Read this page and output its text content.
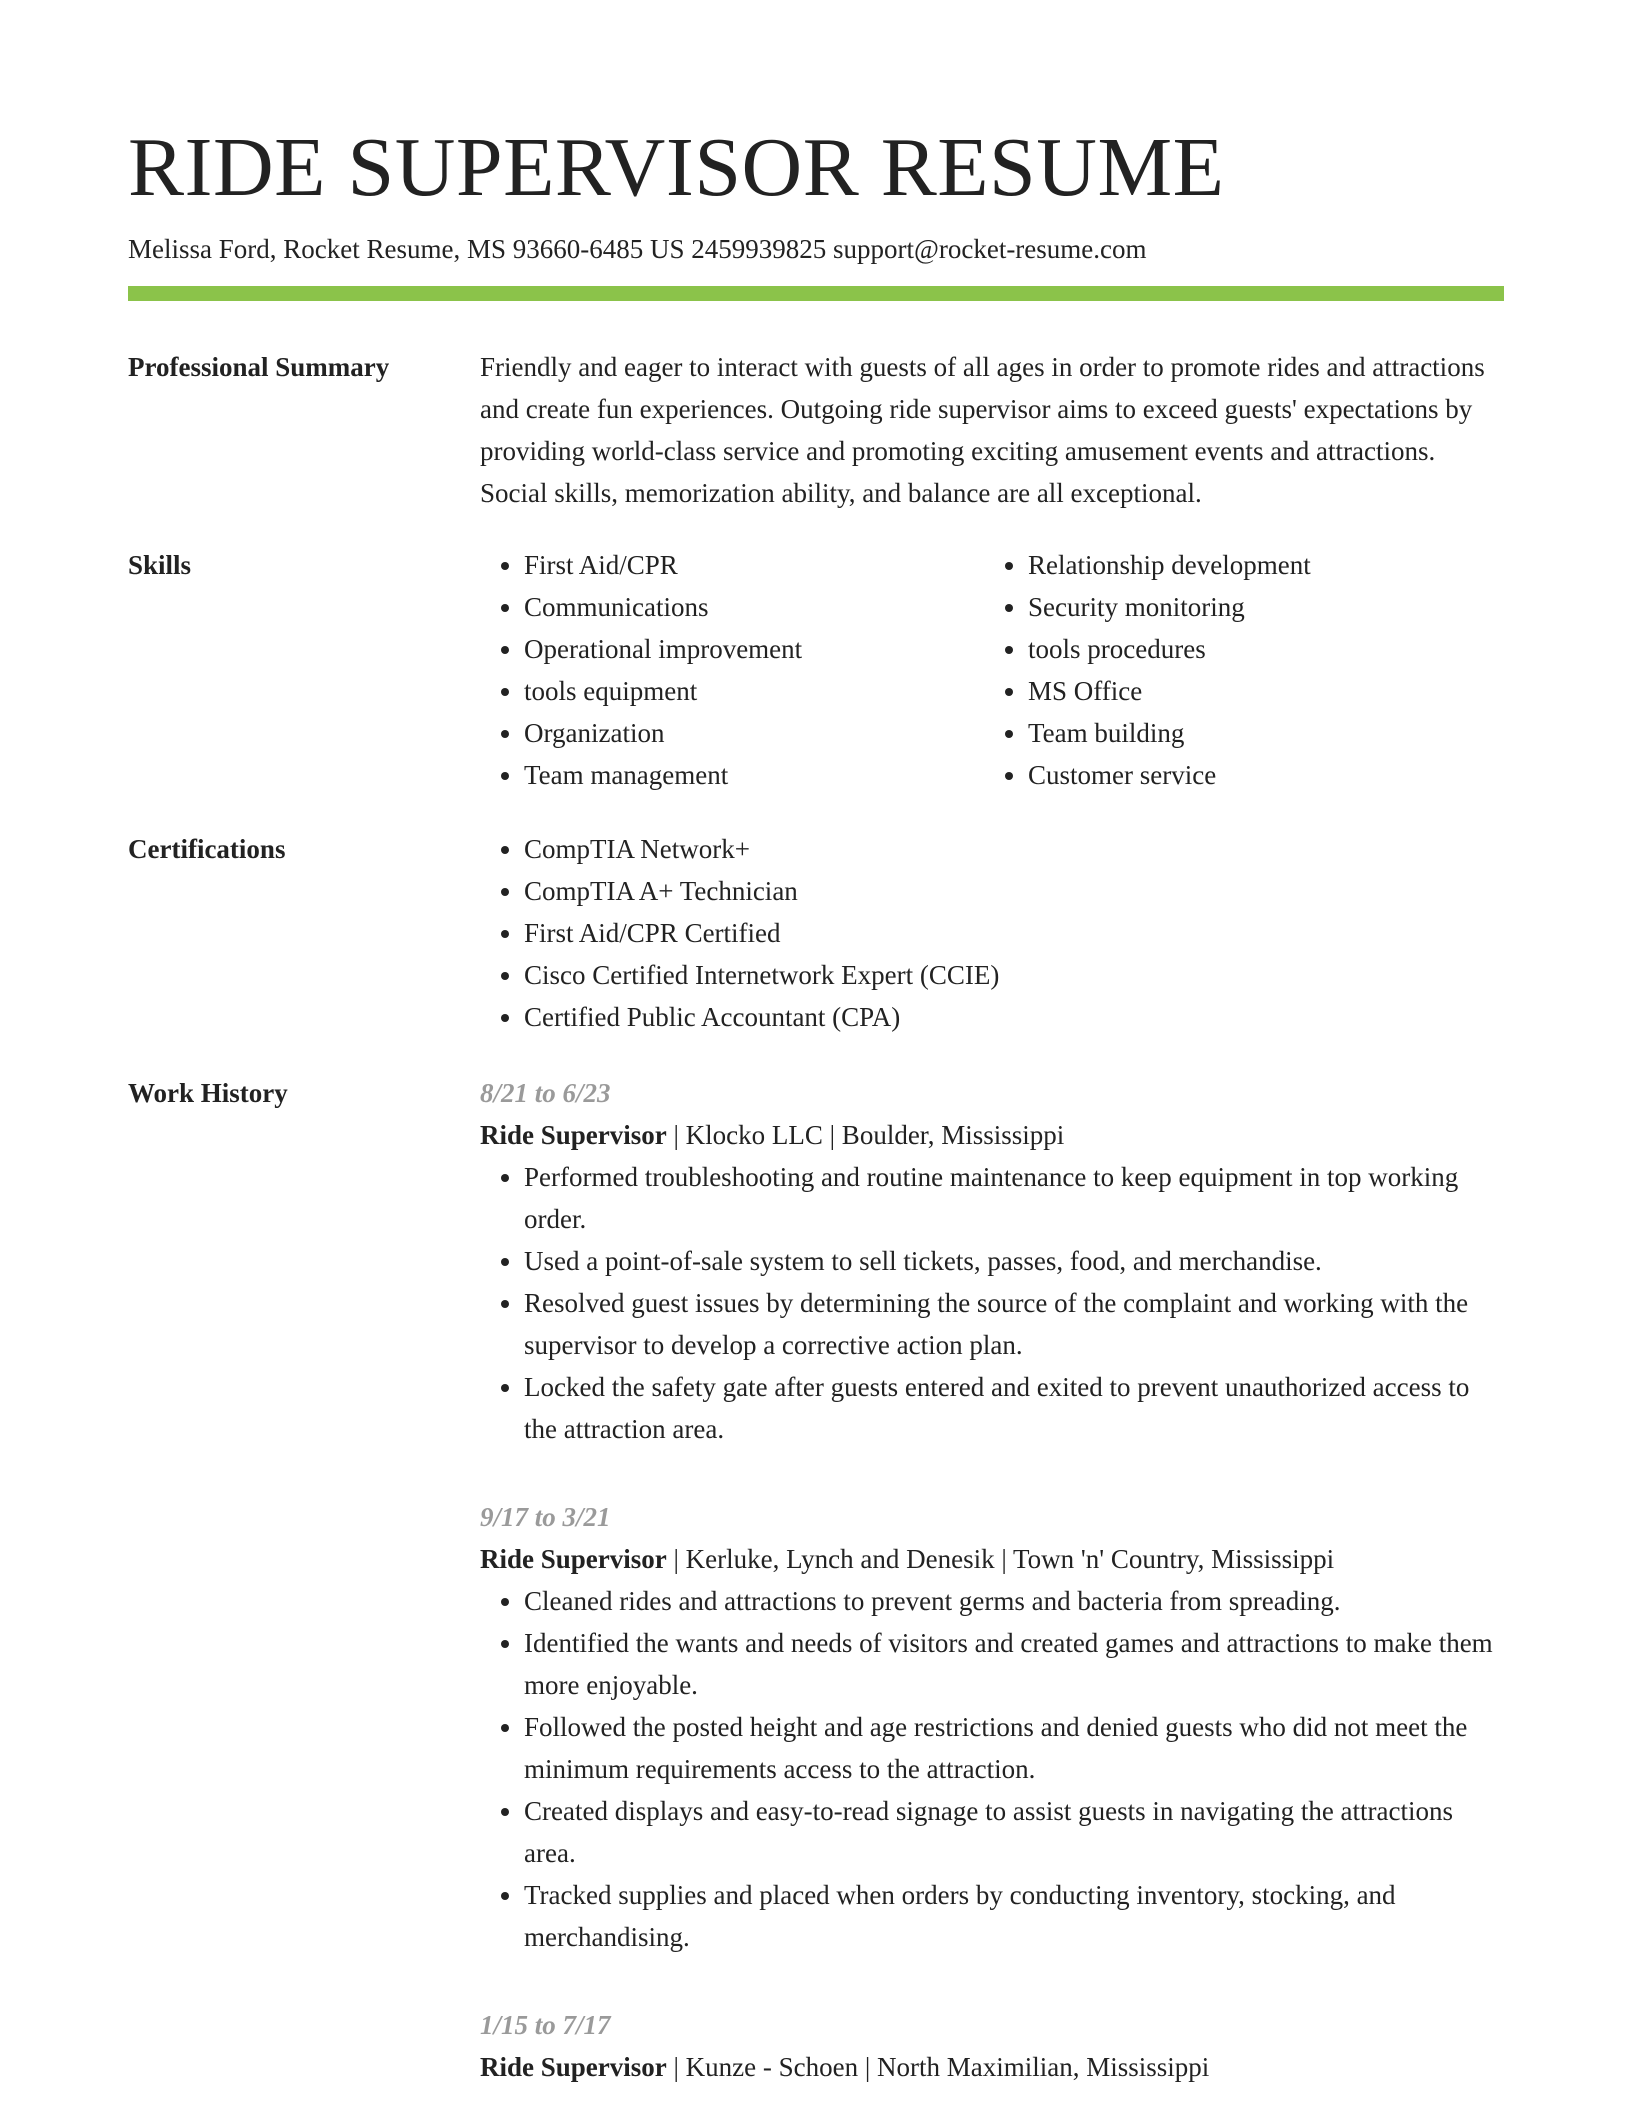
RIDE SUPERVISOR RESUME
Melissa Ford, Rocket Resume, MS 93660-6485 US 2459939825 support@rocket-resume.com
Professional Summary	Friendly and eager to interact with guests of all ages in order to promote rides and attractions and create fun experiences. Outgoing ride supervisor aims to exceed guests' expectations by providing world-class service and promoting exciting amusement events and attractions. Social skills, memorization ability, and balance are all exceptional.

Skills	• First Aid/CPR
• Communications
• Operational improvement
• tools equipment
• Organization
• Team management
• Relationship development
• Security monitoring
• tools procedures
• MS Office
• Team building
• Customer service
Certifications	• CompTIA Network+
• CompTIA A+ Technician
• First Aid/CPR Certified
• Cisco Certified Internetwork Expert (CCIE)
• Certified Public Accountant (CPA)
Work History	8/21 to 6/23
Ride Supervisor | Klocko LLC | Boulder, Mississippi
• Performed troubleshooting and routine maintenance to keep equipment in top working order.
• Used a point-of-sale system to sell tickets, passes, food, and merchandise.
• Resolved guest issues by determining the source of the complaint and working with the supervisor to develop a corrective action plan.
• Locked the safety gate after guests entered and exited to prevent unauthorized access to the attraction area.
9/17 to 3/21
Ride Supervisor | Kerluke, Lynch and Denesik | Town 'n' Country, Mississippi
• Cleaned rides and attractions to prevent germs and bacteria from spreading.
• Identified the wants and needs of visitors and created games and attractions to make them more enjoyable.
• Followed the posted height and age restrictions and denied guests who did not meet the minimum requirements access to the attraction.
• Created displays and easy-to-read signage to assist guests in navigating the attractions area.
• Tracked supplies and placed when orders by conducting inventory, stocking, and merchandising.
1/15 to 7/17
Ride Supervisor | Kunze - Schoen | North Maximilian, Mississippi
